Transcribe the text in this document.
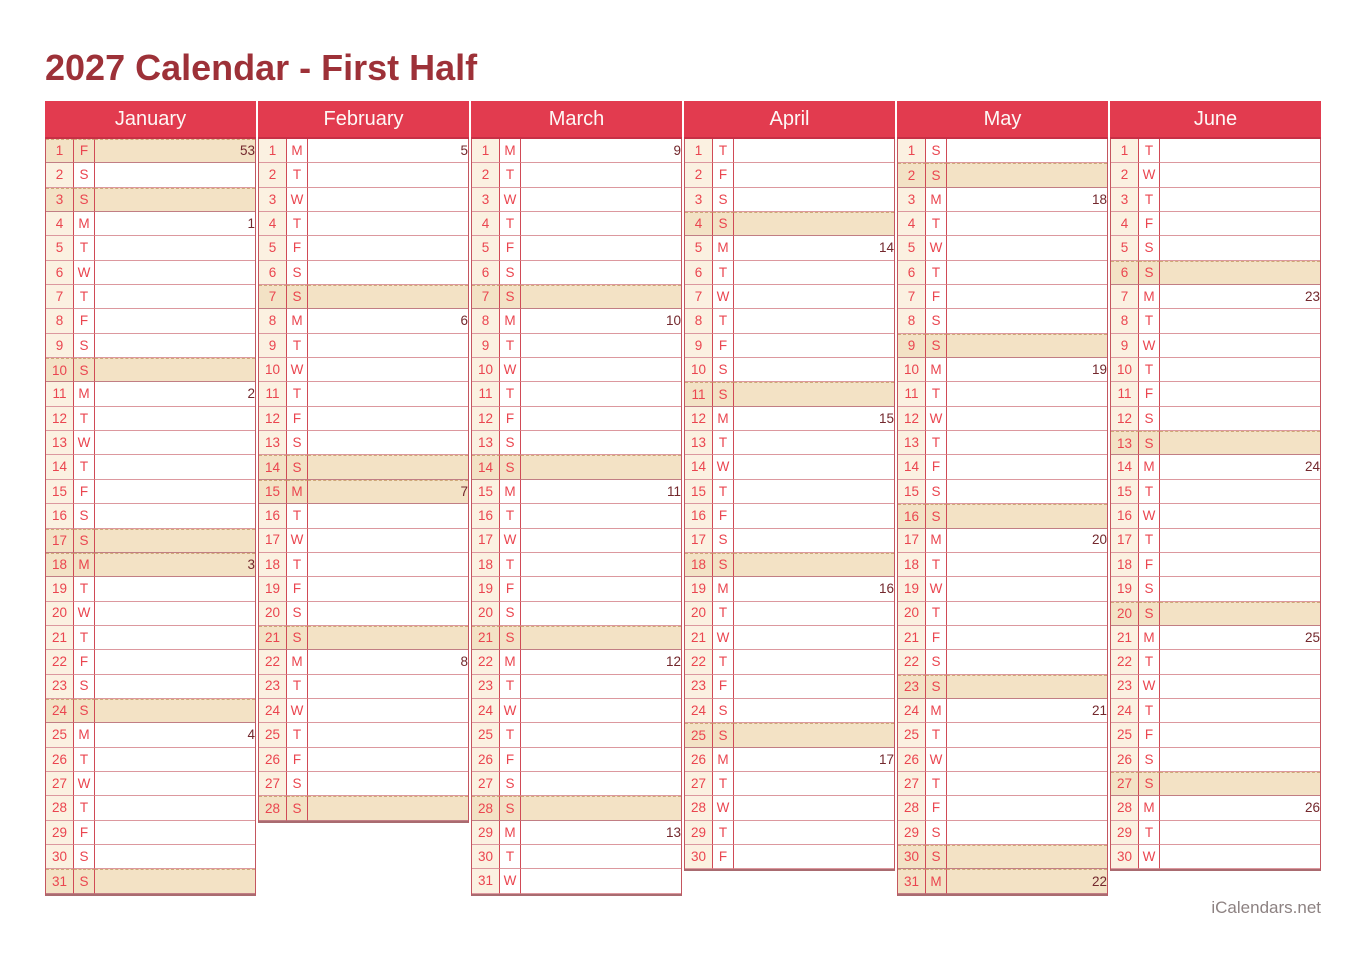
2027 Calendar - First Half
January
1	F	53
2	S	
3	S	
4	M	1
5	T	
6	W	
7	T	
8	F	
9	S	
10	S	
11	M	2
12	T	
13	W	
14	T	
15	F	
16	S	
17	S	
18	M	3
19	T	
20	W	
21	T	
22	F	
23	S	
24	S	
25	M	4
26	T	
27	W	
28	T	
29	F	
30	S	
31	S	
February
1	M	5
2	T	
3	W	
4	T	
5	F	
6	S	
7	S	
8	M	6
9	T	
10	W	
11	T	
12	F	
13	S	
14	S	
15	M	7
16	T	
17	W	
18	T	
19	F	
20	S	
21	S	
22	M	8
23	T	
24	W	
25	T	
26	F	
27	S	
28	S	
March
1	M	9
2	T	
3	W	
4	T	
5	F	
6	S	
7	S	
8	M	10
9	T	
10	W	
11	T	
12	F	
13	S	
14	S	
15	M	11
16	T	
17	W	
18	T	
19	F	
20	S	
21	S	
22	M	12
23	T	
24	W	
25	T	
26	F	
27	S	
28	S	
29	M	13
30	T	
31	W	
April
1	T	
2	F	
3	S	
4	S	
5	M	14
6	T	
7	W	
8	T	
9	F	
10	S	
11	S	
12	M	15
13	T	
14	W	
15	T	
16	F	
17	S	
18	S	
19	M	16
20	T	
21	W	
22	T	
23	F	
24	S	
25	S	
26	M	17
27	T	
28	W	
29	T	
30	F	
May
1	S	
2	S	
3	M	18
4	T	
5	W	
6	T	
7	F	
8	S	
9	S	
10	M	19
11	T	
12	W	
13	T	
14	F	
15	S	
16	S	
17	M	20
18	T	
19	W	
20	T	
21	F	
22	S	
23	S	
24	M	21
25	T	
26	W	
27	T	
28	F	
29	S	
30	S	
31	M	22
June
1	T	
2	W	
3	T	
4	F	
5	S	
6	S	
7	M	23
8	T	
9	W	
10	T	
11	F	
12	S	
13	S	
14	M	24
15	T	
16	W	
17	T	
18	F	
19	S	
20	S	
21	M	25
22	T	
23	W	
24	T	
25	F	
26	S	
27	S	
28	M	26
29	T	
30	W	
iCalendars.net
